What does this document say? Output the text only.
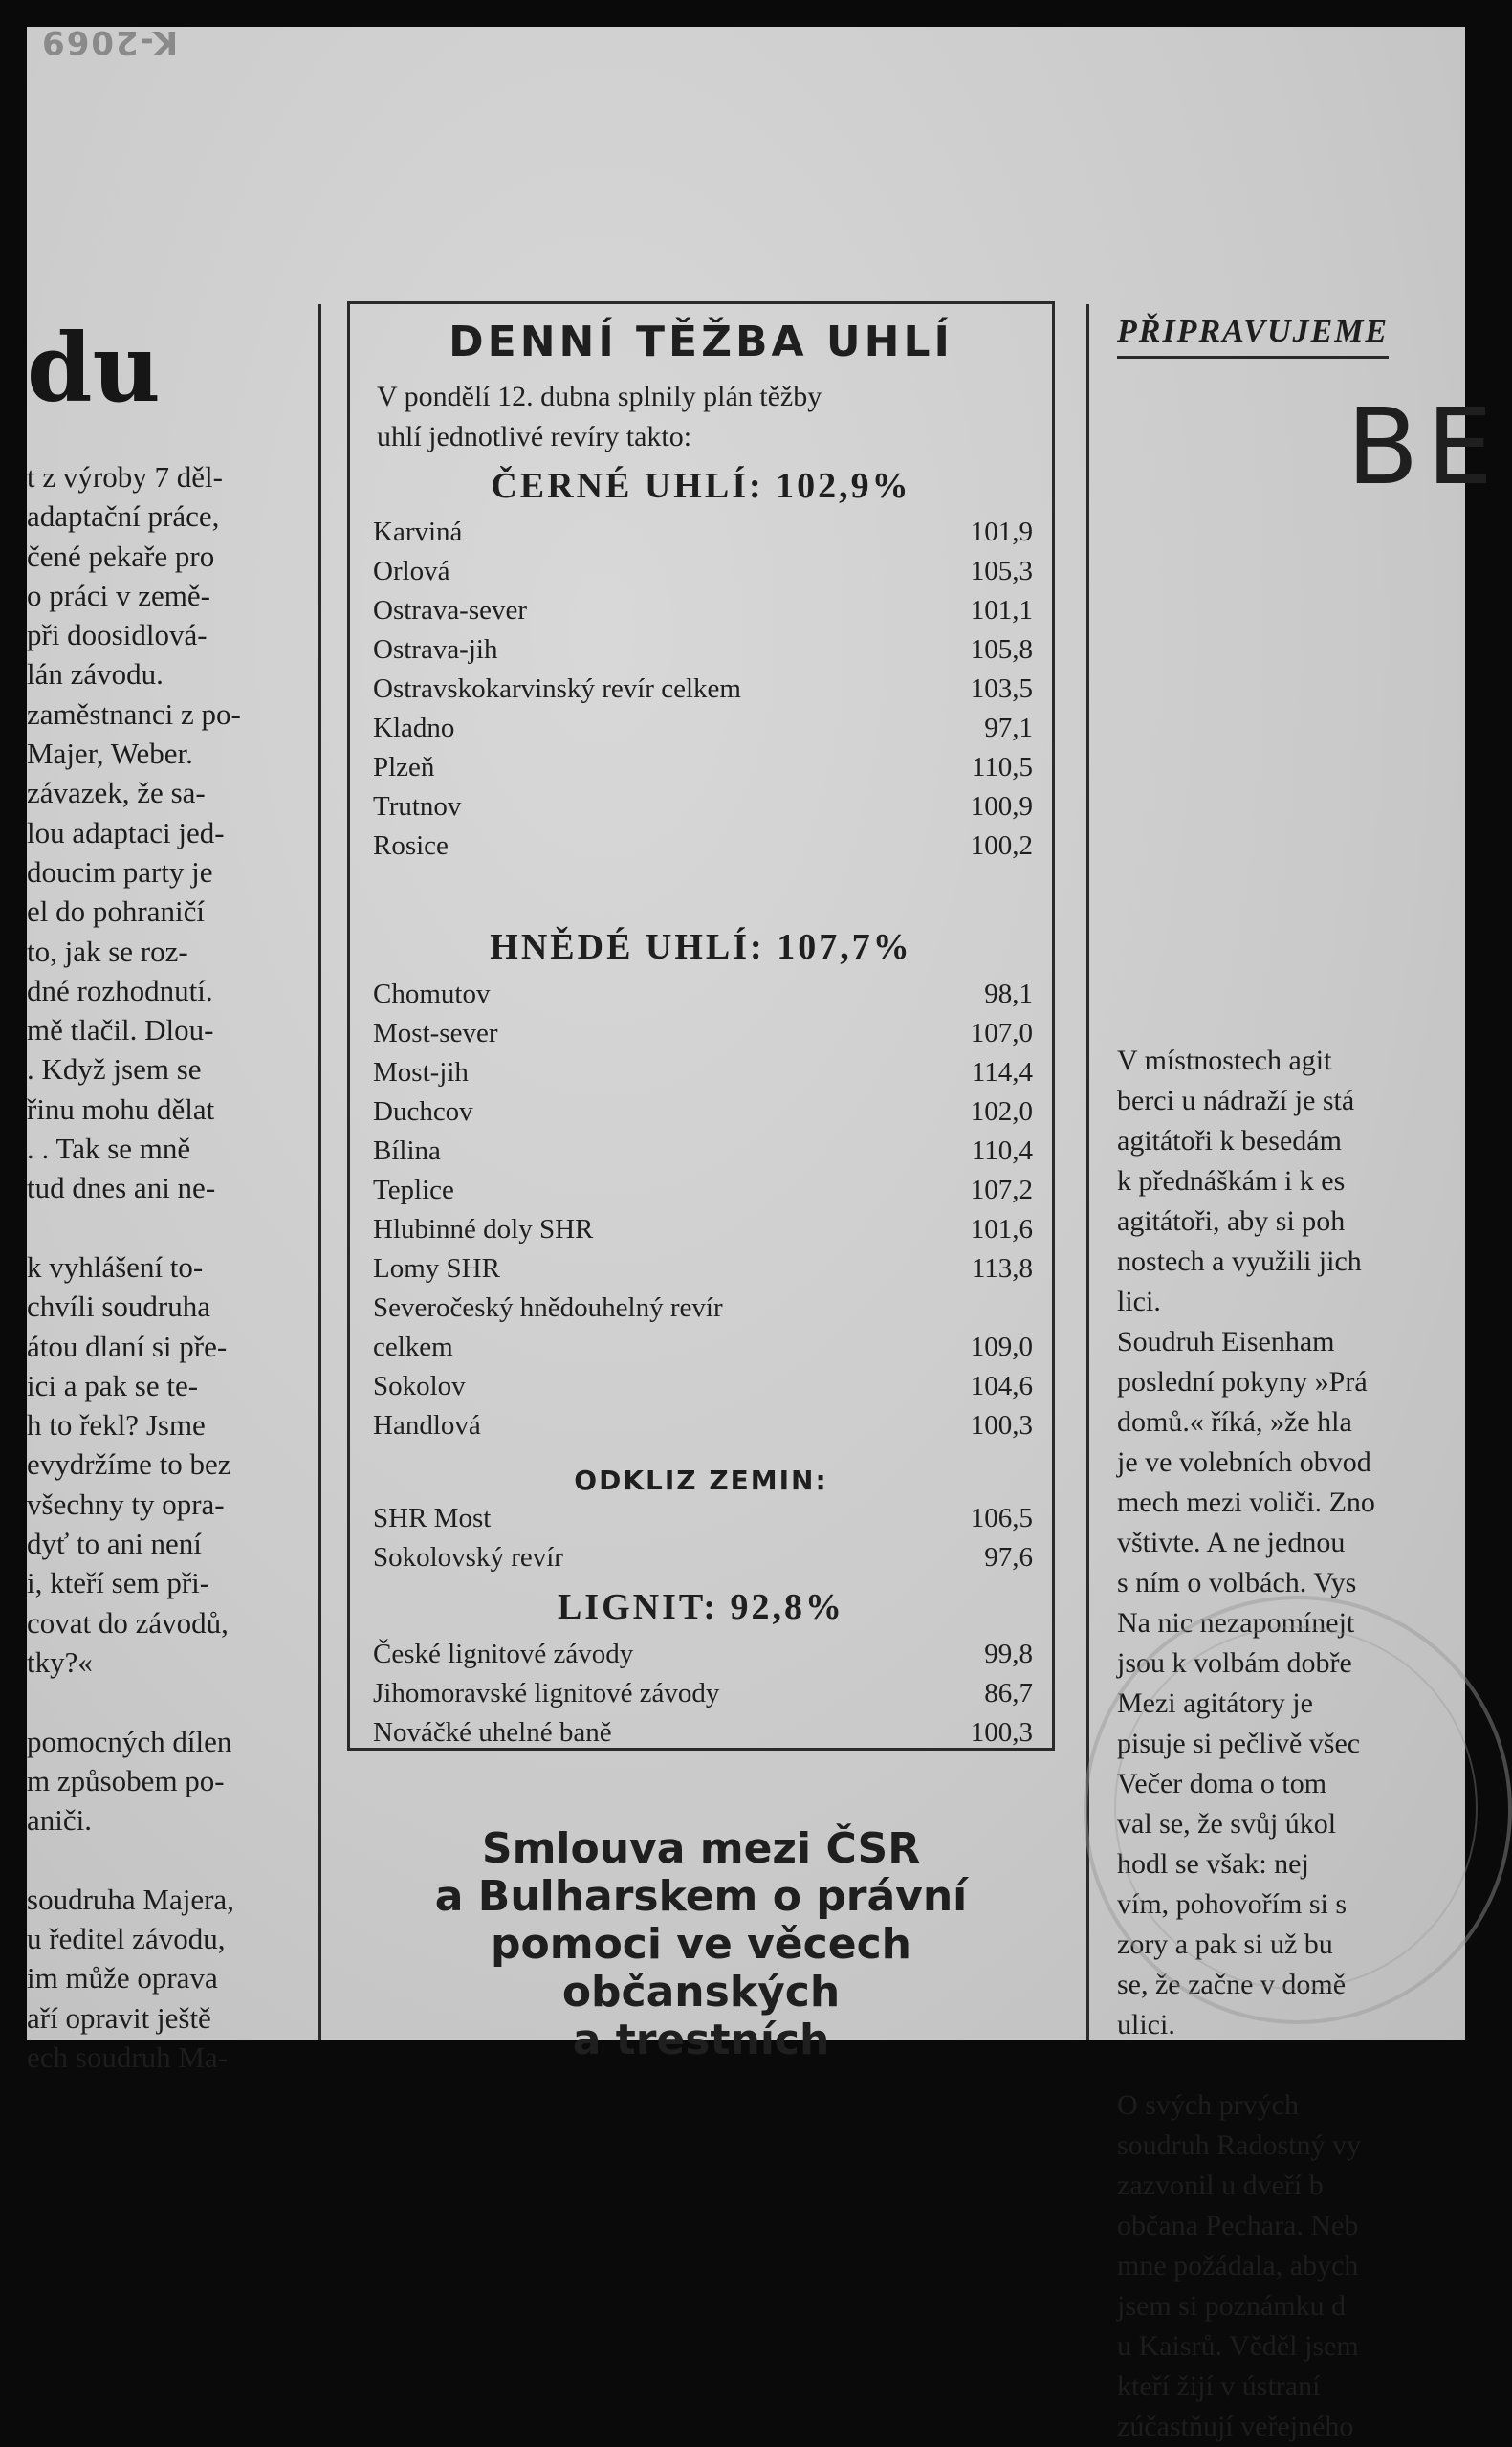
K-2069
du
t z výroby 7 děl-
adaptační práce,
čené pekaře pro
o práci v země-
při doosidlová-
lán závodu.
zaměstnanci z po-
Majer, Weber.
závazek, že sa-
lou adaptaci jed-
doucim party je
el do pohraničí
to, jak se roz-
dné rozhodnutí.
mě tlačil. Dlou-
. Když jsem se
řinu mohu dělat
. . Tak se mně
tud dnes ani ne-

k vyhlášení to-
chvíli soudruha
átou dlaní si pře-
ici a pak se te-
h to řekl? Jsme
evydržíme to bez
všechny ty opra-
dyť to ani není
i, kteří sem při-
covat do závodů,
tky?«

pomocných dílen
m způsobem po-
aniči.

soudruha Majera,
u ředitel závodu,
im může oprava
aří opravit ještě
ech soudruh Ma-
DENNÍ TĚŽBA UHLÍ
V pondělí 12. dubna splnily plán těžby
uhlí jednotlivé revíry takto:
ČERNÉ UHLÍ: 102,9%
Karviná	101,9
Orlová	105,3
Ostrava-sever	101,1
Ostrava-jih	105,8
Ostravskokarvinský revír celkem	103,5
Kladno	97,1
Plzeň	110,5
Trutnov	100,9
Rosice	100,2
HNĚDÉ UHLÍ: 107,7%
Chomutov	98,1
Most-sever	107,0
Most-jih	114,4
Duchcov	102,0
Bílina	110,4
Teplice	107,2
Hlubinné doly SHR	101,6
Lomy SHR	113,8
Severočeský hnědouhelný revír
celkem	109,0
Sokolov	104,6
Handlová	100,3
ODKLIZ ZEMIN:
SHR Most	106,5
Sokolovský revír	97,6
LIGNIT: 92,8%
České lignitové závody	99,8
Jihomoravské lignitové závody	86,7
Nováčké uhelné baně	100,3
Smlouva mezi ČSR
a Bulharskem o právní
pomoci ve věcech občanských
a trestních
PŘIPRAVUJEME
BE
V místnostech agit
berci u nádraží je stá
agitátoři k besedám
k přednáškám i k es
agitátoři, aby si poh
nostech a využili jich
lici.
Soudruh Eisenham
poslední pokyny »Prá
domů.« říká, »že hla
je ve volebních obvod
mech mezi voliči. Zno
vštivte. A ne jednou
s ním o volbách. Vys
Na nic nezapomínejt
jsou k volbám dobře
Mezi agitátory je
pisuje si pečlivě všec
Večer doma o tom
val se, že svůj úkol
hodl se však: nej
vím, pohovořím si s
zory a pak si už bu
se, že začne v domě
ulici.

O svých prvých
soudruh Radostný vy
zazvonil u dveří b
občana Pechara. Neb
mne požádala, abych
jsem si poznámku d
u Kaisrů. Věděl jsem
kteří žijí v ústraní
zúčastňují veřejného
